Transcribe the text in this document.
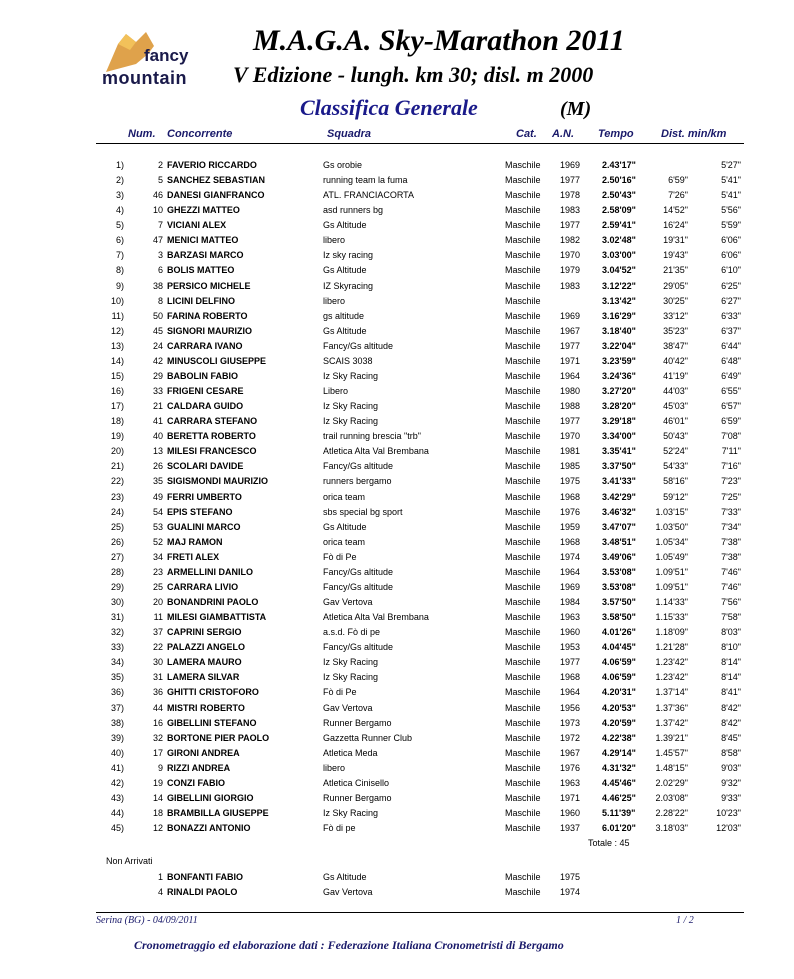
fancy
mountain
M.A.G.A. Sky-Marathon 2011
V Edizione - lungh. km 30; disl. m 2000
Classifica Generale	(M)
Num. Concorrente	Squadra	Cat. A.N. Tempo Dist. min/km
1)	2 FAVERIO RICCARDO	Gs orobie	Maschile 1969 2.43'17"	5'27"
2)	5 SANCHEZ SEBASTIAN	running team la fuma	Maschile 1977 2.50'16"	6'59"	5'41"
3)	46 DANESI GIANFRANCO	ATL. FRANCIACORTA	Maschile 1978 2.50'43"	7'26"	5'41"
4)	10 GHEZZI MATTEO	asd runners bg	Maschile 1983 2.58'09"	14'52"	5'56"
5)	7 VICIANI ALEX	Gs Altitude	Maschile 1977 2.59'41"	16'24"	5'59"
6)	47 MENICI MATTEO	libero	Maschile 1982 3.02'48"	19'31"	6'06"
7)	3 BARZASI MARCO	Iz sky racing	Maschile 1970 3.03'00"	19'43"	6'06"
8)	6 BOLIS MATTEO	Gs Altitude	Maschile 1979 3.04'52"	21'35"	6'10"
9)	38 PERSICO MICHELE	IZ Skyracing	Maschile 1983 3.12'22"	29'05"	6'25"
10)	8 LICINI DELFINO	libero	Maschile	3.13'42"	30'25"	6'27"
11)	50 FARINA ROBERTO	gs altitude	Maschile 1969 3.16'29"	33'12"	6'33"
12)	45 SIGNORI MAURIZIO	Gs Altitude	Maschile 1967 3.18'40"	35'23"	6'37"
13)	24 CARRARA IVANO	Fancy/Gs altitude	Maschile 1977 3.22'04"	38'47"	6'44"
14)	42 MINUSCOLI GIUSEPPE	SCAIS 3038	Maschile 1971 3.23'59"	40'42"	6'48"
15)	29 BABOLIN FABIO	Iz Sky Racing	Maschile 1964 3.24'36"	41'19"	6'49"
16)	33 FRIGENI CESARE	Libero	Maschile 1980 3.27'20"	44'03"	6'55"
17)	21 CALDARA GUIDO	Iz Sky Racing	Maschile 1988 3.28'20"	45'03"	6'57"
18)	41 CARRARA STEFANO	Iz Sky Racing	Maschile 1977 3.29'18"	46'01"	6'59"
19)	40 BERETTA ROBERTO	trail running brescia "trb"	Maschile 1970 3.34'00"	50'43"	7'08"
20)	13 MILESI FRANCESCO	Atletica Alta Val Brembana	Maschile 1981 3.35'41"	52'24"	7'11"
21)	26 SCOLARI DAVIDE	Fancy/Gs altitude	Maschile 1985 3.37'50"	54'33"	7'16"
22)	35 SIGISMONDI MAURIZIO	runners bergamo	Maschile 1975 3.41'33"	58'16"	7'23"
23)	49 FERRI UMBERTO	orica team	Maschile 1968 3.42'29"	59'12"	7'25"
24)	54 EPIS STEFANO	sbs special bg sport	Maschile 1976 3.46'32" 1.03'15"	7'33"
25)	53 GUALINI MARCO	Gs Altitude	Maschile 1959 3.47'07" 1.03'50"	7'34"
26)	52 MAJ RAMON	orica team	Maschile 1968 3.48'51" 1.05'34"	7'38"
27)	34 FRETI ALEX	Fò di Pe	Maschile 1974 3.49'06" 1.05'49"	7'38"
28)	23 ARMELLINI DANILO	Fancy/Gs altitude	Maschile 1964 3.53'08" 1.09'51"	7'46"
29)	25 CARRARA LIVIO	Fancy/Gs altitude	Maschile 1969 3.53'08" 1.09'51"	7'46"
30)	20 BONANDRINI PAOLO	Gav Vertova	Maschile 1984 3.57'50" 1.14'33"	7'56"
31)	11 MILESI GIAMBATTISTA	Atletica Alta Val Brembana	Maschile 1963 3.58'50" 1.15'33"	7'58"
32)	37 CAPRINI SERGIO	a.s.d. Fò di pe	Maschile 1960 4.01'26" 1.18'09"	8'03"
33)	22 PALAZZI ANGELO	Fancy/Gs altitude	Maschile 1953 4.04'45" 1.21'28"	8'10"
34)	30 LAMERA MAURO	Iz Sky Racing	Maschile 1977 4.06'59" 1.23'42"	8'14"
35)	31 LAMERA SILVAR	Iz Sky Racing	Maschile 1968 4.06'59" 1.23'42"	8'14"
36)	36 GHITTI CRISTOFORO	Fò di Pe	Maschile 1964 4.20'31" 1.37'14"	8'41"
37)	44 MISTRI ROBERTO	Gav Vertova	Maschile 1956 4.20'53" 1.37'36"	8'42"
38)	16 GIBELLINI STEFANO	Runner Bergamo	Maschile 1973 4.20'59" 1.37'42"	8'42"
39)	32 BORTONE PIER PAOLO	Gazzetta Runner Club	Maschile 1972 4.22'38" 1.39'21"	8'45"
40)	17 GIRONI ANDREA	Atletica Meda	Maschile 1967 4.29'14" 1.45'57"	8'58"
41)	9 RIZZI ANDREA	libero	Maschile 1976 4.31'32" 1.48'15"	9'03"
42)	19 CONZI FABIO	Atletica Cinisello	Maschile 1963 4.45'46" 2.02'29"	9'32"
43)	14 GIBELLINI GIORGIO	Runner Bergamo	Maschile 1971 4.46'25" 2.03'08"	9'33"
44)	18 BRAMBILLA GIUSEPPE	Iz Sky Racing	Maschile 1960 5.11'39" 2.28'22"	10'23"
45)	12 BONAZZI ANTONIO	Fò di pe	Maschile 1937 6.01'20" 3.18'03"	12'03"
Totale : 45
Non Arrivati
1 BONFANTI FABIO	Gs Altitude	Maschile 1975
4 RINALDI PAOLO	Gav Vertova	Maschile 1974
Serina (BG) - 04/09/2011	1 / 2
Cronometraggio ed elaborazione dati : Federazione Italiana Cronometristi di Bergamo
